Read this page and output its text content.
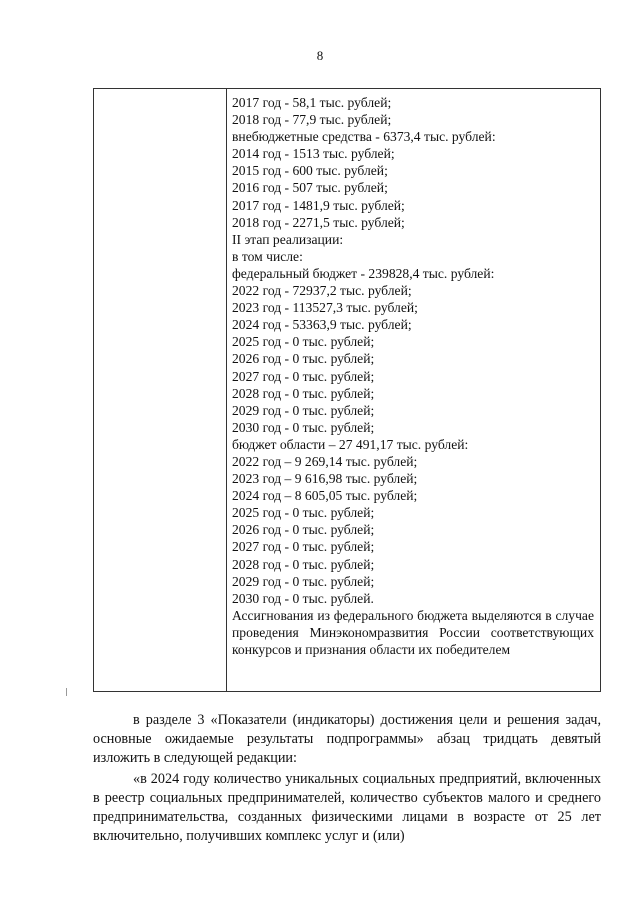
8
2017 год - 58,1 тыс. рублей;
2018 год - 77,9 тыс. рублей;
внебюджетные средства - 6373,4 тыс. рублей:
2014 год - 1513 тыс. рублей;
2015 год - 600 тыс. рублей;
2016 год - 507 тыс. рублей;
2017 год - 1481,9 тыс. рублей;
2018 год - 2271,5 тыс. рублей;
II этап реализации:
в том числе:
федеральный бюджет - 239828,4 тыс. рублей:
2022 год - 72937,2 тыс. рублей;
2023 год - 113527,3 тыс. рублей;
2024 год - 53363,9 тыс. рублей;
2025 год - 0 тыс. рублей;
2026 год - 0 тыс. рублей;
2027 год - 0 тыс. рублей;
2028 год - 0 тыс. рублей;
2029 год - 0 тыс. рублей;
2030 год - 0 тыс. рублей;
бюджет области – 27 491,17 тыс. рублей:
2022 год – 9 269,14 тыс. рублей;
2023 год – 9 616,98 тыс. рублей;
2024 год – 8 605,05 тыс. рублей;
2025 год - 0 тыс. рублей;
2026 год - 0 тыс. рублей;
2027 год - 0 тыс. рублей;
2028 год - 0 тыс. рублей;
2029 год - 0 тыс. рублей;
2030 год - 0 тыс. рублей.
Ассигнования из федерального бюджета выделяются в случае проведения Минэкономразвития России соответствующих конкурсов и признания области их победителем

в разделе 3 «Показатели (индикаторы) достижения цели и решения задач, основные ожидаемые результаты подпрограммы» абзац тридцать девятый изложить в следующей редакции:

«в 2024 году количество уникальных социальных предприятий, включенных в реестр социальных предпринимателей, количество субъектов малого и среднего предпринимательства, созданных физическими лицами в возрасте от 25 лет включительно, получивших комплекс услуг и (или)
